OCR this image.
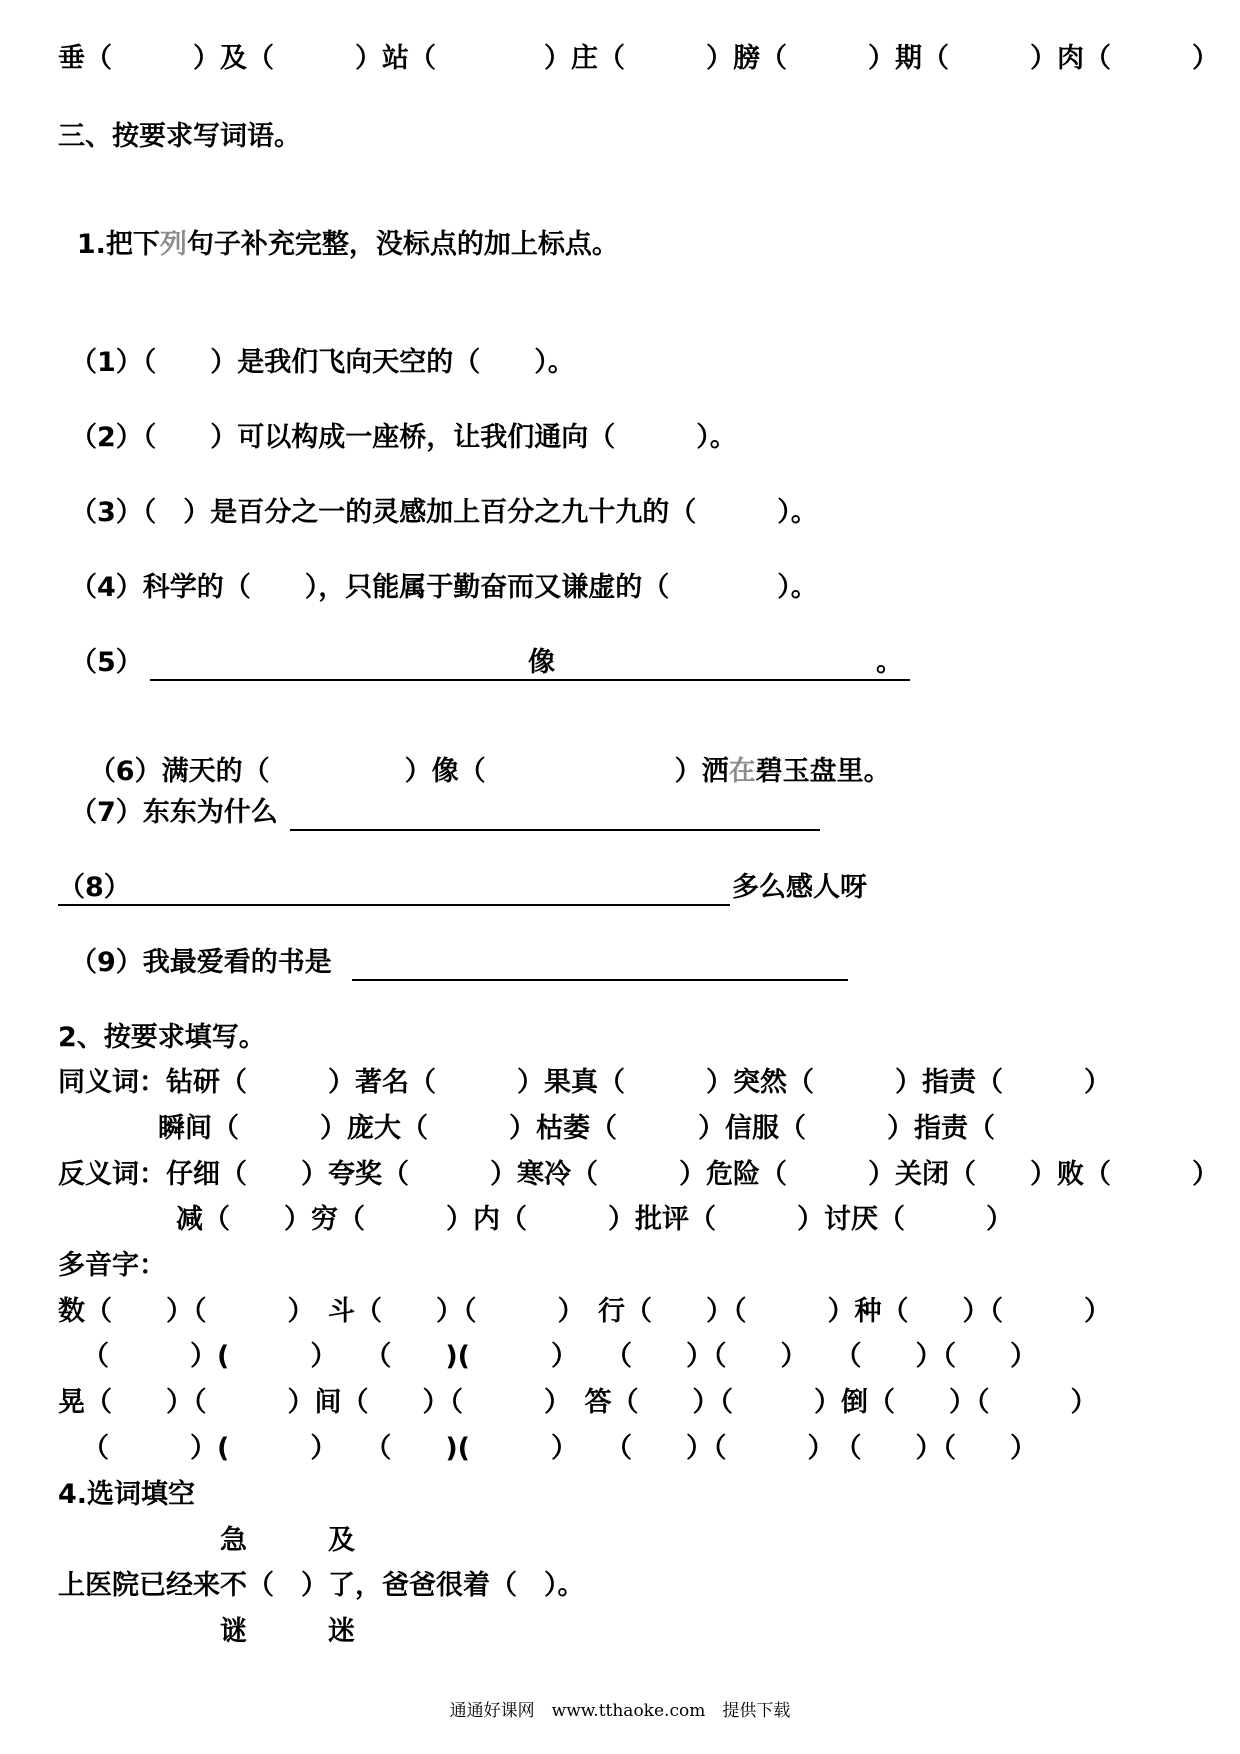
垂（　　　）及（　　　）站（　　　　）庄（　　　）膀（　　　）期（　　　）肉（　　　）
三、按要求写词语。

1.把下列句子补充完整，没标点的加上标点。

（1）（　　）是我们飞向天空的（　　）。
（2）（　　）可以构成一座桥，让我们通向（　　　）。
（3）（　）是百分之一的灵感加上百分之九十九的（　　　）。
（4）科学的（　　），只能属于勤奋而又谦虚的（　　　　）。
（5）	像	。

（6）满天的（　　　　　）像（　　　　　　　）洒在碧玉盘里。

（7）东东为什么
（8）	多么感人呀
（9）我最爱看的书是
2、按要求填写。
同义词：钻研（　　　）著名（　　　）果真（　　　）突然（　　　）指责（　　　）
瞬间（　　　）庞大（　　　）枯萎（　　　）信服（　　　）指责（
反义词：仔细（　　）夸奖（　　　）寒冷（　　　）危险（　　　）关闭（　　）败（　　　）
减（　　）穷（　　　）内（　　　）批评（　　　）讨厌（　　　）
多音字：
数（　　）（　　　）　斗（　　）（　　　）　行（　　）（　　　）种（　　）（　　　）
（　　　）(　　　）　　（　　)(　　　）　　（　　）（　　）　　（　　）（　　）
晃（　　）（　　　）间（　　）（　　　）　答（　　）（　　　）倒（　　）（　　　）
（　　　）(　　　）　　（　　)(　　　）　　（　　）（　　　）　（　　）（　　）
4.选词填空
急　　　及
上医院已经来不（　）了，爸爸很着（　）。
谜　　　迷
通通好课网　www.tthaoke.com　提供下载
